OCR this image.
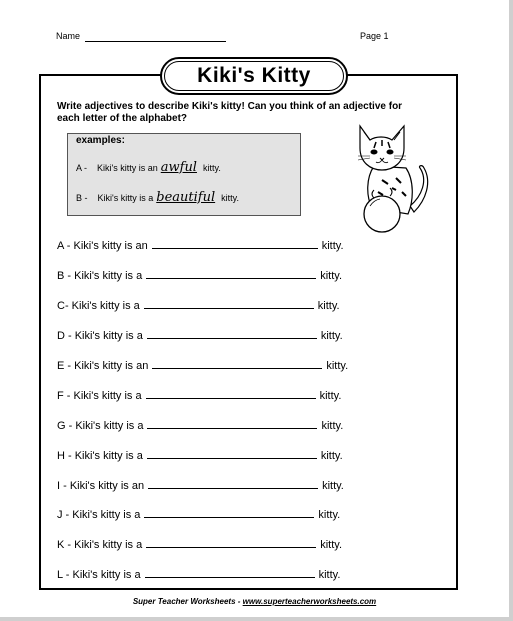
Name	Page 1
Kiki's Kitty
Write adjectives to describe Kiki's kitty! Can you think of an adjective for each letter of the alphabet?
examples:
A - Kiki's kitty is an awful kitty.
B - Kiki's kitty is a beautiful kitty.
A - Kiki's kitty is an	kitty.
B - Kiki's kitty is a	kitty.
C- Kiki's kitty is a	kitty.
D - Kiki's kitty is a	kitty.
E - Kiki's kitty is an	kitty.
F - Kiki's kitty is a	kitty.
G - Kiki's kitty is a	kitty.
H - Kiki's kitty is a	kitty.
I - Kiki's kitty is an	kitty.
J - Kiki's kitty is a	kitty.
K - Kiki's kitty is a	kitty.
L - Kiki's kitty is a	kitty.
Super Teacher Worksheets - www.superteacherworksheets.com
